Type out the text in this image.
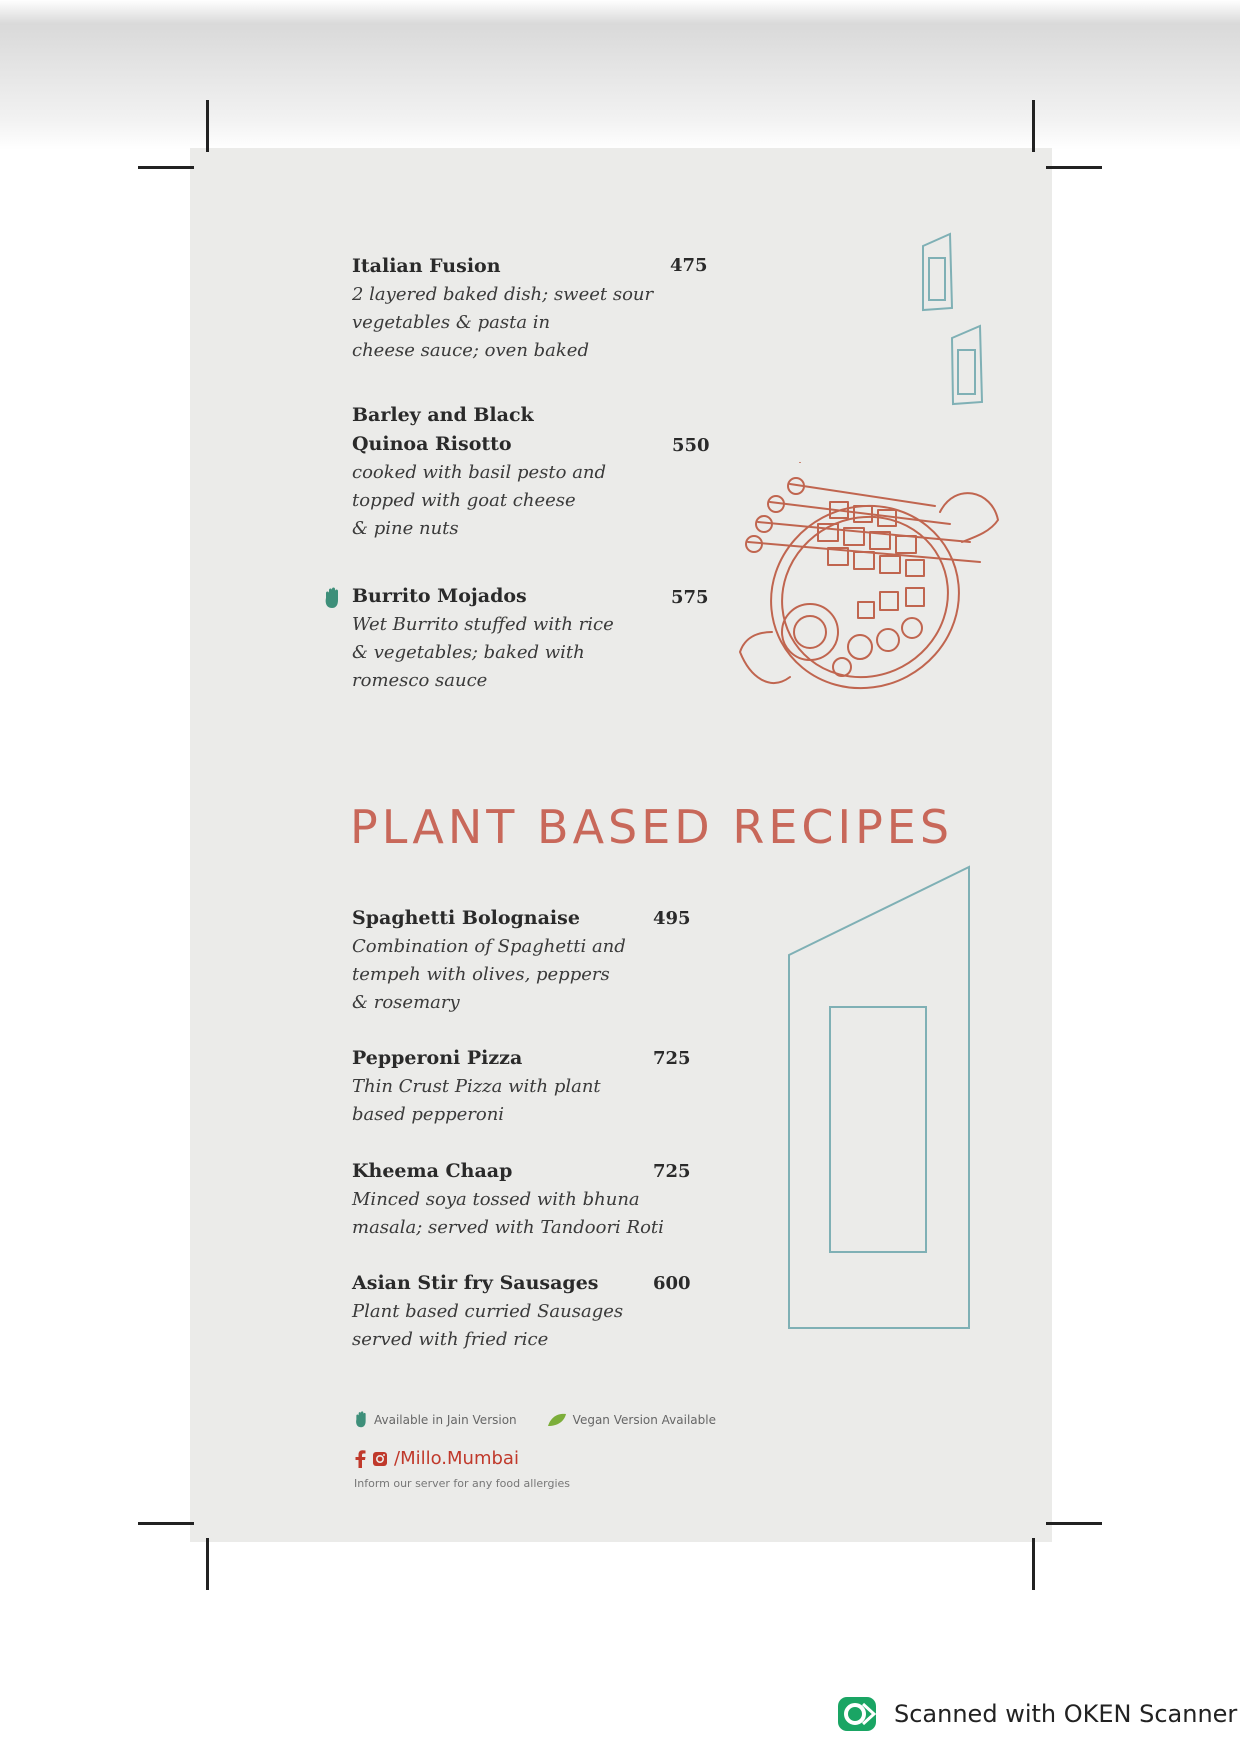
Italian Fusion
2 layered baked dish; sweet sour
vegetables & pasta in
cheese sauce; oven baked
475
Barley and Black
Quinoa Risotto
cooked with basil pesto and
topped with goat cheese
& pine nuts
550
Burrito Mojados
Wet Burrito stuffed with rice
& vegetables; baked with
romesco sauce
575
PLANT BASED RECIPES
Spaghetti Bolognaise
Combination of Spaghetti and
tempeh with olives, peppers
& rosemary
495
Pepperoni Pizza
Thin Crust Pizza with plant
based pepperoni
725
Kheema Chaap
Minced soya tossed with bhuna
masala; served with Tandoori Roti
725
Asian Stir fry Sausages
Plant based curried Sausages
served with fried rice
600
Available in Jain Version	Vegan Version Available
/Millo.Mumbai
Inform our server for any food allergies
Scanned with OKEN Scanner
